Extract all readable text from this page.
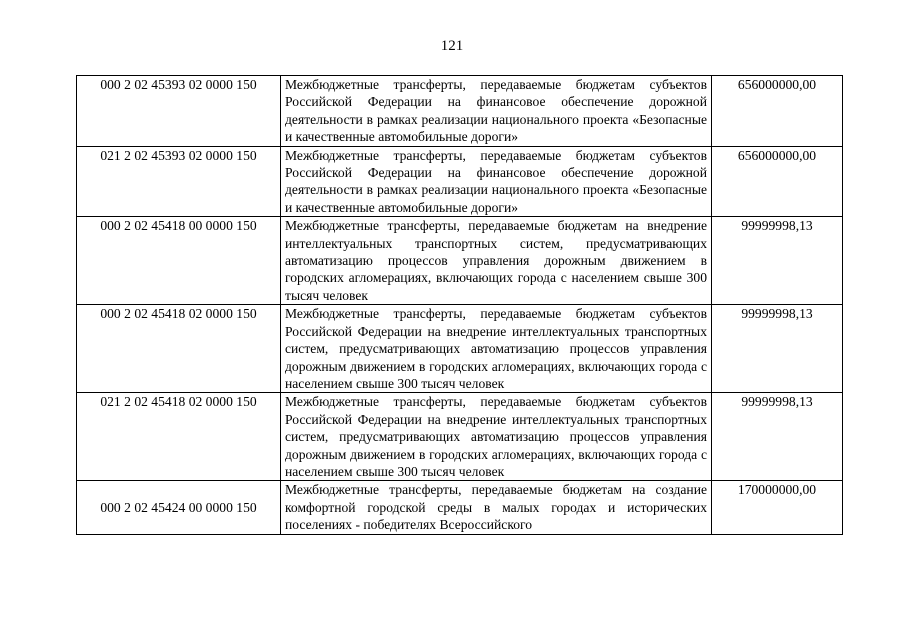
121
000 2 02 45393 02 0000 150	Межбюджетные трансферты, передаваемые бюджетам субъектов Российской Федерации на финансовое обеспечение дорожной деятельности в рамках реализации национального проекта «Безопасные и качественные автомобильные дороги»	656000000,00
021 2 02 45393 02 0000 150	Межбюджетные трансферты, передаваемые бюджетам субъектов Российской Федерации на финансовое обеспечение дорожной деятельности в рамках реализации национального проекта «Безопасные и качественные автомобильные дороги»	656000000,00
000 2 02 45418 00 0000 150	Межбюджетные трансферты, передаваемые бюджетам на внедрение интеллектуальных транспортных систем, предусматривающих автоматизацию процессов управления дорожным движением в городских агломерациях, включающих города с населением свыше 300 тысяч человек	99999998,13
000 2 02 45418 02 0000 150	Межбюджетные трансферты, передаваемые бюджетам субъектов Российской Федерации на внедрение интеллектуальных транспортных систем, предусматривающих автоматизацию процессов управления дорожным движением в городских агломерациях, включающих города с населением свыше 300 тысяч человек	99999998,13
021 2 02 45418 02 0000 150	Межбюджетные трансферты, передаваемые бюджетам субъектов Российской Федерации на внедрение интеллектуальных транспортных систем, предусматривающих автоматизацию процессов управления дорожным движением в городских агломерациях, включающих города с населением свыше 300 тысяч человек	99999998,13
000 2 02 45424 00 0000 150	Межбюджетные трансферты, передаваемые бюджетам на создание комфортной городской среды в малых городах и исторических поселениях - победителях Всероссийского	170000000,00
